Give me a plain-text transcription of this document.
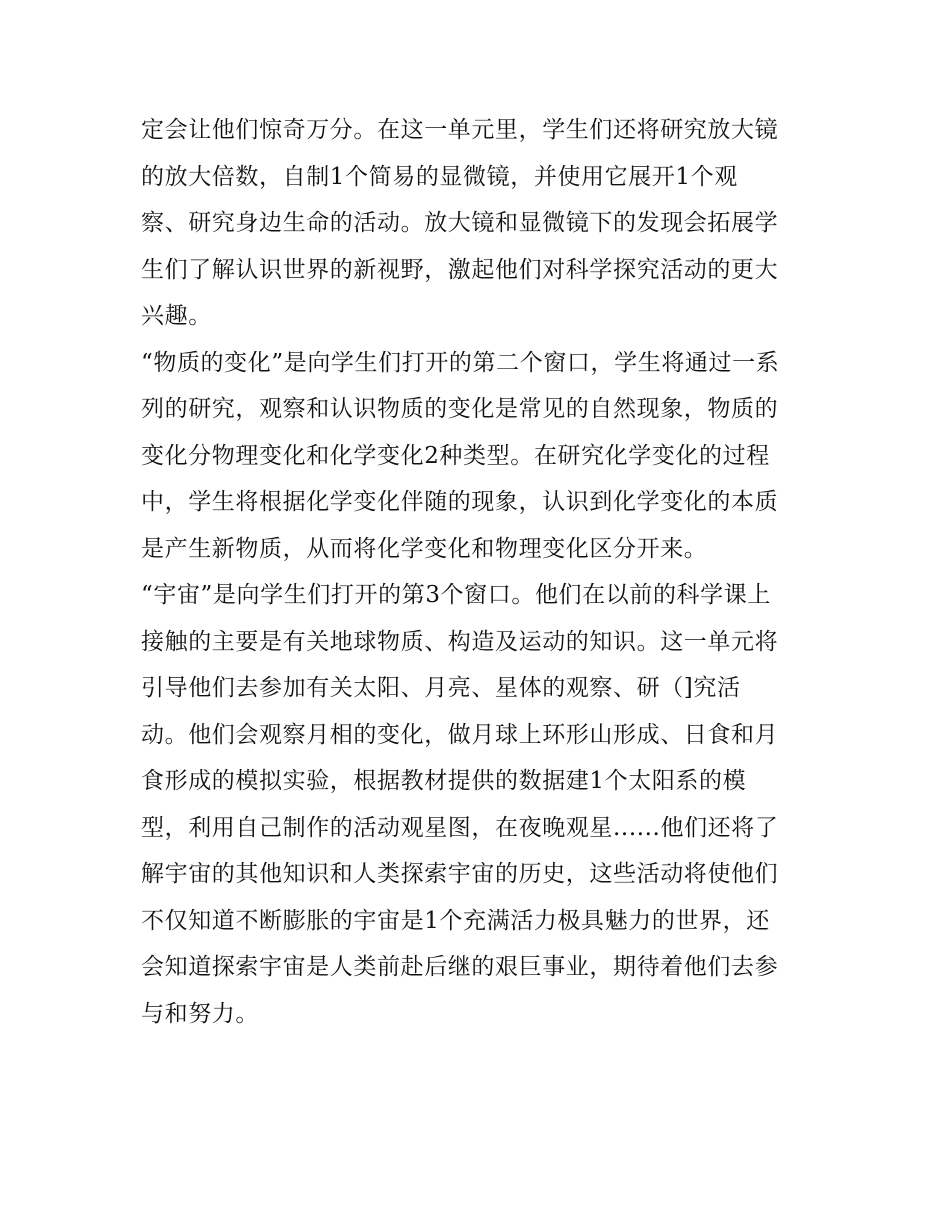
定会让他们惊奇万分。在这一单元里，学生们还将研究放大镜
的放大倍数，自制1个简易的显微镜，并使用它展开1个观
察、研究身边生命的活动。放大镜和显微镜下的发现会拓展学
生们了解认识世界的新视野，激起他们对科学探究活动的更大
兴趣。
“物质的变化”是向学生们打开的第二个窗口，学生将通过一系
列的研究，观察和认识物质的变化是常见的自然现象，物质的
变化分物理变化和化学变化2种类型。在研究化学变化的过程
中，学生将根据化学变化伴随的现象，认识到化学变化的本质
是产生新物质，从而将化学变化和物理变化区分开来。
“宇宙”是向学生们打开的第3个窗口。他们在以前的科学课上
接触的主要是有关地球物质、构造及运动的知识。这一单元将
引导他们去参加有关太阳、月亮、星体的观察、研（]究活
动。他们会观察月相的变化，做月球上环形山形成、日食和月
食形成的模拟实验，根据教材提供的数据建1个太阳系的模
型，利用自己制作的活动观星图，在夜晚观星......他们还将了
解宇宙的其他知识和人类探索宇宙的历史，这些活动将使他们
不仅知道不断膨胀的宇宙是1个充满活力极具魅力的世界，还
会知道探索宇宙是人类前赴后继的艰巨事业，期待着他们去参
与和努力。
